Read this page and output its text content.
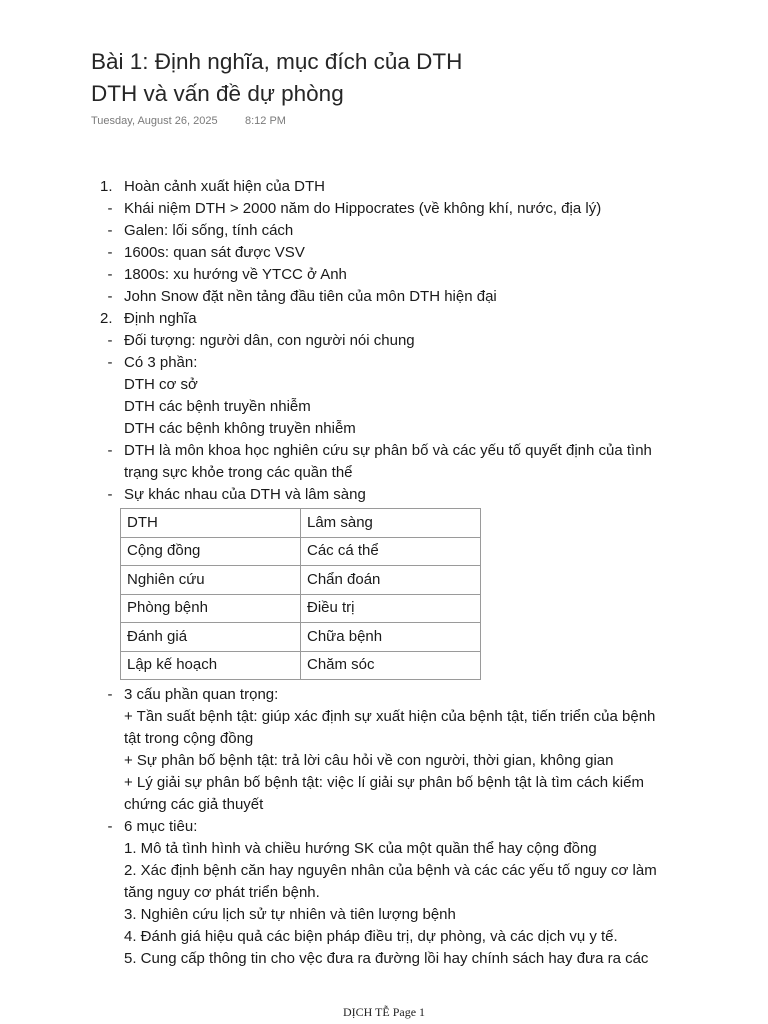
Bài 1: Định nghĩa, mục đích của DTH
DTH và vấn đề dự phòng
Tuesday, August 26, 2025 8:12 PM
1. Hoàn cảnh xuất hiện của DTH
- Khái niệm DTH > 2000 năm do Hippocrates (về không khí, nước, địa lý)
- Galen: lối sống, tính cách
- 1600s: quan sát được VSV
- 1800s: xu hướng về YTCC ở Anh
- John Snow đặt nền tảng đầu tiên của môn DTH hiện đại
2. Định nghĩa
- Đối tượng: người dân, con người nói chung
- Có 3 phần:
DTH cơ sở
DTH các bệnh truyền nhiễm
DTH các bệnh không truyền nhiễm
- DTH là môn khoa học nghiên cứu sự phân bố và các yếu tố quyết định của tình
trạng sực khỏe trong các quần thể
- Sự khác nhau của DTH và lâm sàng
DTH	Lâm sàng
Cộng đồng	Các cá thể
Nghiên cứu	Chẩn đoán
Phòng bệnh	Điều trị
Đánh giá	Chữa bệnh
Lập kế hoạch	Chăm sóc
- 3 cấu phần quan trọng:
+ Tần suất bệnh tật: giúp xác định sự xuất hiện của bệnh tật, tiến triển của bệnh
tật trong cộng đồng
+ Sự phân bố bệnh tật: trả lời câu hỏi về con người, thời gian, không gian
+ Lý giải sự phân bố bệnh tật: việc lí giải sự phân bố bệnh tật là tìm cách kiểm
chứng các giả thuyết
- 6 mục tiêu:
1. Mô tả tình hình và chiều hướng SK của một quần thể hay cộng đồng
2. Xác định bệnh căn hay nguyên nhân của bệnh và các các yếu tố nguy cơ làm
tăng nguy cơ phát triển bệnh.
3. Nghiên cứu lịch sử tự nhiên và tiên lượng bệnh
4. Đánh giá hiệu quả các biện pháp điều trị, dự phòng, và các dịch vụ y tế.
5. Cung cấp thông tin cho vệc đưa ra đường lồi hay chính sách hay đưa ra các
DỊCH TỄ Page 1
